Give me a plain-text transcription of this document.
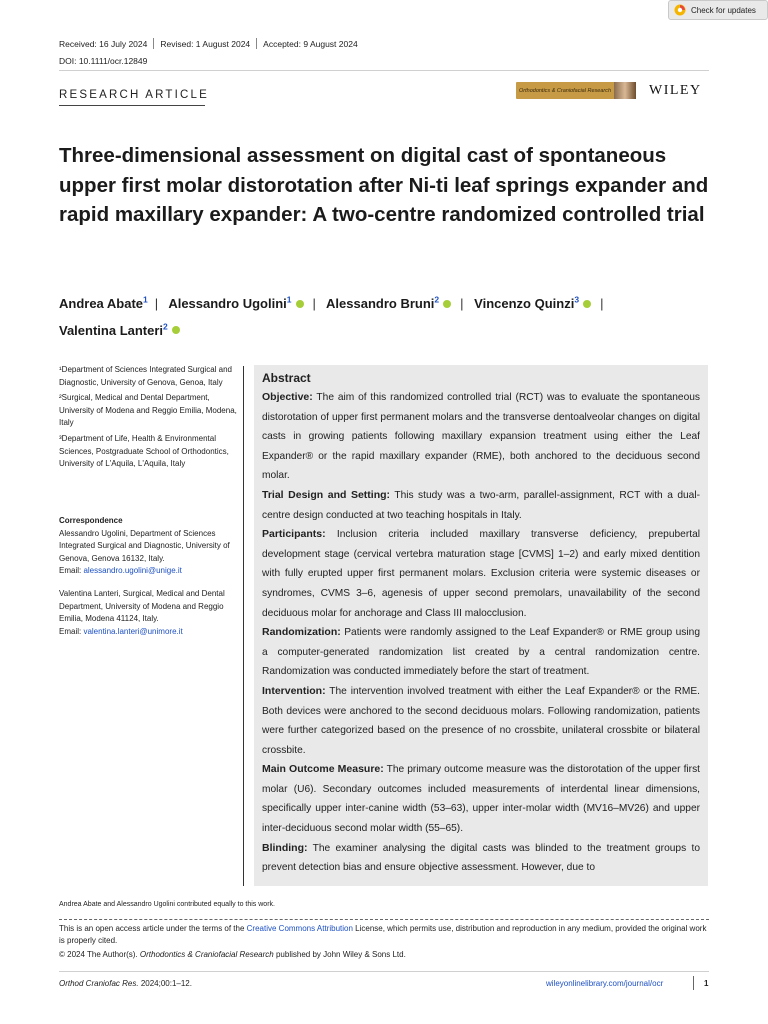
Check for updates
Received: 16 July 2024 Revised: 1 August 2024 Accepted: 9 August 2024
DOI: 10.1111/ocr.12849
RESEARCH ARTICLE	Orthodontics & Craniofacial Research	WILEY
Three-dimensional assessment on digital cast of spontaneous upper first molar distorotation after Ni-ti leaf springs expander and rapid maxillary expander: A two-centre randomized controlled trial
Andrea Abate$^1$ | Alessandro Ugolini$^1$ | Alessandro Bruni$^2$ | Vincenzo Quinzi$^3$ |
Valentina Lanteri$^2$

¹Department of Sciences Integrated Surgical and Diagnostic, University of Genova, Genoa, Italy

²Surgical, Medical and Dental Department, University of Modena and Reggio Emilia, Modena, Italy

³Department of Life, Health & Environmental Sciences, Postgraduate School of Orthodontics, University of L'Aquila, L'Aquila, Italy

Correspondence

Alessandro Ugolini, Department of Sciences Integrated Surgical and Diagnostic, University of Genova, Genova 16132, Italy.
Email: alessandro.ugolini@unige.it

Valentina Lanteri, Surgical, Medical and Dental Department, University of Modena and Reggio Emilia, Modena 41124, Italy.
Email: valentina.lanteri@unimore.it

Abstract

Objective: The aim of this randomized controlled trial (RCT) was to evaluate the spontaneous distorotation of upper first permanent molars and the transverse dentoalveolar changes on digital casts in growing patients following maxillary expansion treatment using either the Leaf Expander® or the rapid maxillary expander (RME), both anchored to the deciduous second molar.

Trial Design and Setting: This study was a two-arm, parallel-assignment, RCT with a dual-centre design conducted at two teaching hospitals in Italy.

Participants: Inclusion criteria included maxillary transverse deficiency, prepubertal development stage (cervical vertebra maturation stage [CVMS] 1–2) and early mixed dentition with fully erupted upper first permanent molars. Exclusion criteria were systemic diseases or syndromes, CVMS 3–6, agenesis of upper second premolars, unavailability of the second deciduous molar for anchorage and Class III malocclusion.

Randomization: Patients were randomly assigned to the Leaf Expander® or RME group using a computer-generated randomization list created by a central randomization centre. Randomization was conducted immediately before the start of treatment.

Intervention: The intervention involved treatment with either the Leaf Expander® or the RME. Both devices were anchored to the second deciduous molars. Following randomization, patients were further categorized based on the presence of no crossbite, unilateral crossbite or bilateral crossbite.

Main Outcome Measure: The primary outcome measure was the distorotation of the upper first molar (U6). Secondary outcomes included measurements of interdental linear dimensions, specifically upper inter-canine width (53–63), upper inter-molar width (MV16–MV26) and upper inter-deciduous second molar width (55–65).

Blinding: The examiner analysing the digital casts was blinded to the treatment groups to prevent detection bias and ensure objective assessment. However, due to

Andrea Abate and Alessandro Ugolini contributed equally to this work.

This is an open access article under the terms of the Creative Commons Attribution License, which permits use, distribution and reproduction in any medium, provided the original work is properly cited.

© 2024 The Author(s). Orthodontics & Craniofacial Research published by John Wiley & Sons Ltd.

Orthod Craniofac Res. 2024;00:1–12.	wileyonlinelibrary.com/journal/ocr	1
